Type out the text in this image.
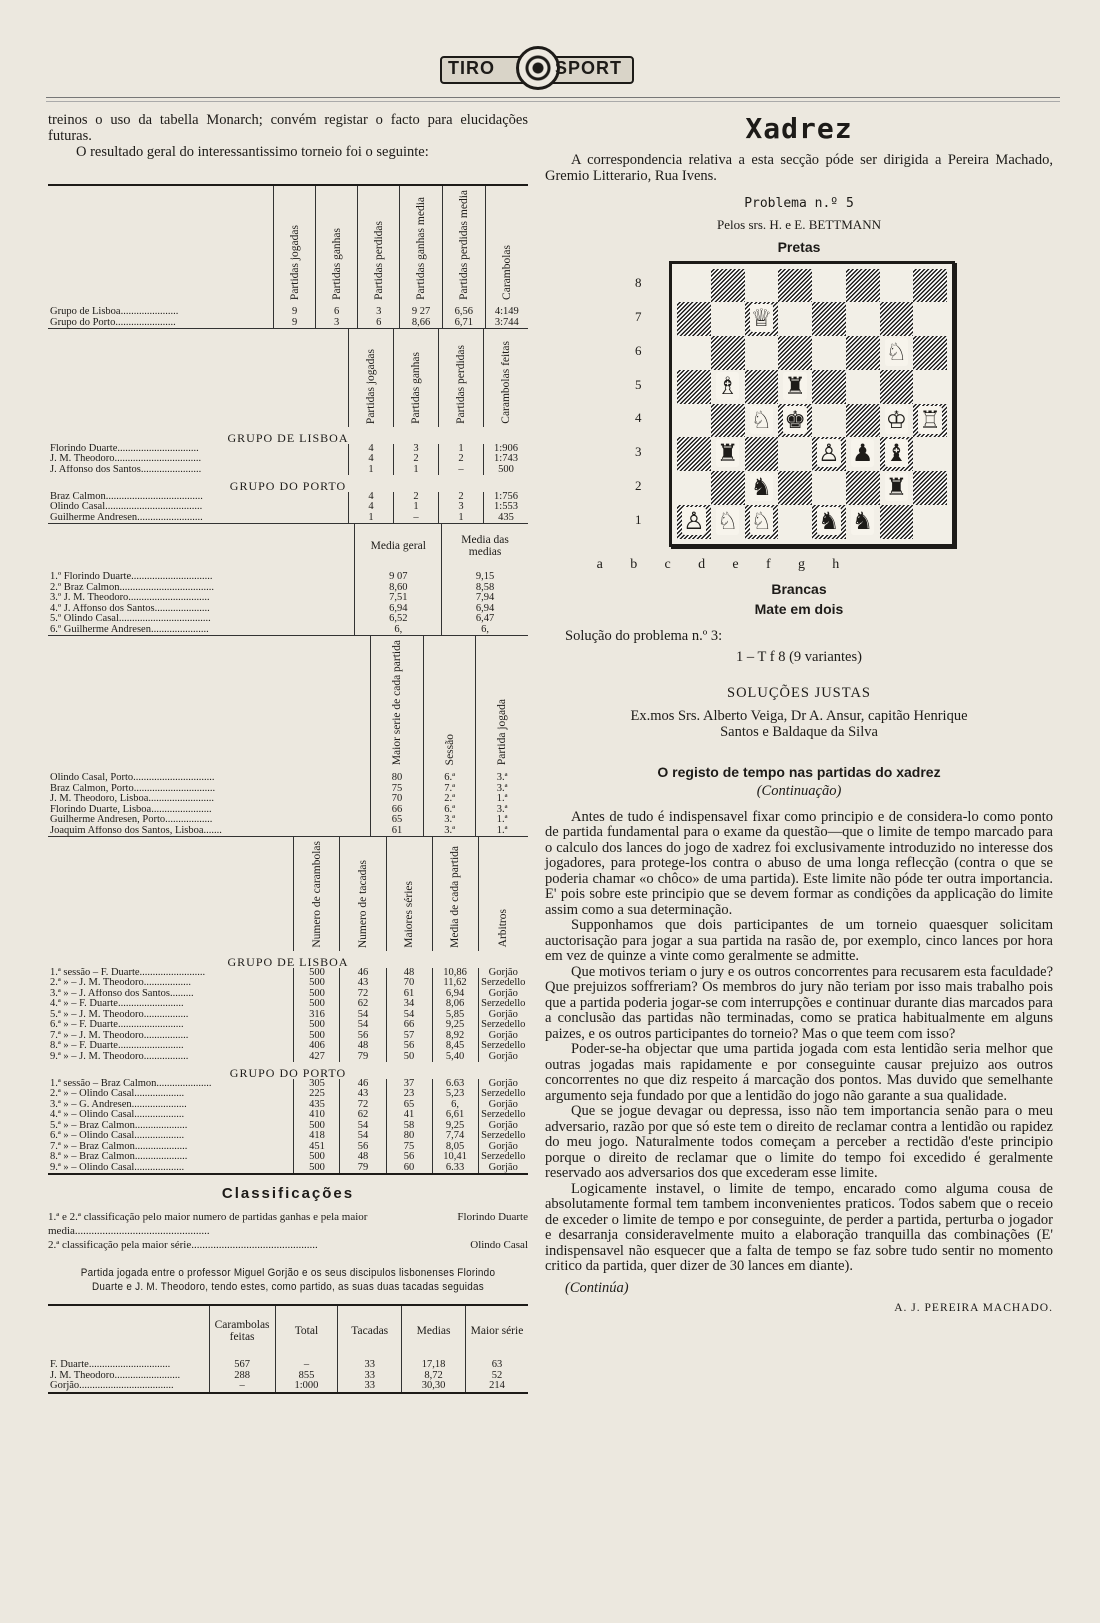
TIRO	SPORT

treinos o uso da tabella Monarch; convém registar o facto para elucidações futuras.

O resultado geral do interessantissimo torneio foi o seguinte:

	Partidas jogadas	Partidas ganhas	Partidas perdidas	Partidas ganhas media	Partidas perdidas media	Carambolas
Grupo de Lisboa......................	9	6	3	9 27	6,56	4:149
Grupo do Porto.......................	9	3	6	8,66	6,71	3:744
	Partidas jogadas	Partidas ganhas	Partidas perdidas	Carambolas feitas
GRUPO DE LISBOA				
Florindo Duarte...............................	4	3	1	1:906
J. M. Theodoro.................................	4	2	2	1:743
J. Affonso dos Santos.......................	1	1	–	500
GRUPO DO PORTO				
Braz Calmon.....................................	4	2	2	1:756
Olindo Casal.....................................	4	1	3	1:553
Guilherme Andresen.........................	1	–	1	435
	Media geral	Media das medias
1.º Florindo Duarte...............................	9 07	9,15
2.º Braz Calmon....................................	8,60	8,58
3.º J. M. Theodoro...............................	7,51	7,94
4.º J. Affonso dos Santos.....................	6,94	6,94
5.º Olindo Casal...................................	6,52	6,47
6.º Guilherme Andresen......................	6,	6,
	Maior serie de cada partida	Sessão	Partida jogada
Olindo Casal, Porto...............................	80	6.ª	3.ª
Braz Calmon, Porto...............................	75	7.ª	3.ª
J. M. Theodoro, Lisboa.........................	70	2.ª	1.ª
Florindo Duarte, Lisboa.......................	66	6.ª	3.ª
Guilherme Andresen, Porto..................	65	3.ª	1.ª
Joaquim Affonso dos Santos, Lisboa.......	61	3.ª	1.ª
	Numero de carambolas	Numero de tacadas	Maiores séries	Media de cada partida	Arbitros
GRUPO DE LISBOA					
1.ª sessão – F. Duarte.........................	500	46	48	10,86	Gorjão
2.ª » – J. M. Theodoro..................	500	43	70	11,62	Serzedello
3.ª » – J. Affonso dos Santos.........	500	72	61	6,94	Gorjão
4.ª » – F. Duarte.........................	500	62	34	8,06	Serzedello
5.ª » – J. M. Theodoro.................	316	54	54	5,85	Gorjão
6.ª » – F. Duarte.........................	500	54	66	9,25	Serzedello
7.ª » – J. M. Theodoro.................	500	56	57	8,92	Gorjão
8.ª » – F. Duarte.........................	406	48	56	8,45	Serzedello
9.ª » – J. M. Theodoro.................	427	79	50	5,40	Gorjão
GRUPO DO PORTO					
1.ª sessão – Braz Calmon.....................	305	46	37	6.63	Gorjão
2.ª » – Olindo Casal...................	225	43	23	5,23	Serzedello
3.ª » – G. Andresen.....................	435	72	65	6,	Gorjão
4.ª » – Olindo Casal...................	410	62	41	6,61	Serzedello
5.ª » – Braz Calmon....................	500	54	58	9,25	Gorjão
6.ª » – Olindo Casal...................	418	54	80	7,74	Serzedello
7.ª » – Braz Calmon....................	451	56	75	8,05	Gorjão
8.ª » – Braz Calmon....................	500	48	56	10,41	Serzedello
9.ª » – Olindo Casal...................	500	79	60	6.33	Gorjão
Classificações
1.ª e 2.ª classificação pelo maior numero de partidas ganhas e pela maior media.................................................
Florindo Duarte
2.ª classificação pela maior série..............................................	Olindo Casal
Partida jogada entre o professor Miguel Gorjão e os seus discipulos lisbonenses Florindo Duarte e J. M. Theodoro, tendo estes, como partido, as suas duas tacadas seguidas
	Carambolas feitas	Total	Tacadas	Medias	Maior série
F. Duarte...............................	567	–	33	17,18	63
J. M. Theodoro.........................	288	855	33	8,72	52
Gorjão....................................	–	1:000	33	30,30	214
Xadrez

A correspondencia relativa a esta secção póde ser dirigida a Pereira Machado, Gremio Litterario, Rua Ivens.

Problema n.º 5
Pelos srs. H. e E. BETTMANN
Pretas
8
7
6
5
4
3
2
1
♕
♘
♗ ♜
♘ ♚	♔ ♖
♜	♙ ♟ ♝
♞	♜
♙ ♘ ♘ ♞ ♞
a b c d e f g h
Brancas
Mate em dois
Solução do problema n.º 3:
1 – T f 8 (9 variantes)
SOLUÇÕES JUSTAS
Ex.mos Srs. Alberto Veiga, Dr A. Ansur, capitão Henrique Santos e Baldaque da Silva
O registo de tempo nas partidas do xadrez
(Continuação)

Antes de tudo é indispensavel fixar como principio e de considera-lo como ponto de partida fundamental para o exame da questão—que o limite de tempo marcado para o calculo dos lances do jogo de xadrez foi exclusivamente introduzido no interesse dos jogadores, para protege-los contra o abuso de uma longa reflecção (contra o que se poderia chamar «o chôco» de uma partida). Este limite não póde ter outra importancia. E' pois sobre este principio que se devem formar as condições da applicação do limite assim como a sua determinação.

Supponhamos que dois participantes de um torneio quaesquer solicitam auctorisação para jogar a sua partida na rasão de, por exemplo, cinco lances por hora em vez de quinze a vinte como geralmente se admitte.

Que motivos teriam o jury e os outros concorrentes para recusarem esta faculdade? Que prejuizos soffreriam? Os membros do jury não teriam por isso mais trabalho pois que a partida poderia jogar-se com interrupções e continuar durante dias marcados para a conclusão das partidas não terminadas, como se pratica habitualmente em alguns paizes, e os outros participantes do torneio? Mas o que teem com isso?

Poder-se-ha objectar que uma partida jogada com esta lentidão seria melhor que outras jogadas mais rapidamente e por conseguinte causar prejuizo aos outros concorrentes no que diz respeito á marcação dos pontos. Mas duvido que semelhante argumento seja fundado por que a lentidão do jogo não garante a sua qualidade.

Que se jogue devagar ou depressa, isso não tem importancia senão para o meu adversario, razão por que só este tem o direito de reclamar contra a lentidão ou rapidez do meu jogo. Naturalmente todos começam a perceber a rectidão d'este principio porque o direito de reclamar que o limite do tempo foi excedido é geralmente reservado aos adversarios dos que excederam esse limite.

Logicamente instavel, o limite de tempo, encarado como alguma cousa de absolutamente formal tem tambem inconvenientes praticos. Todos sabem que o receio de exceder o limite de tempo e por conseguinte, de perder a partida, perturba o jogador e desarranja consideravelmente muito a elaboração tranquilla das combinações (E' indispensavel não esquecer que a falta de tempo se faz sobre tudo sentir no momento critico da partida, quer dizer de 30 lances em diante).

(Continúa)
A. J. PEREIRA MACHADO.
